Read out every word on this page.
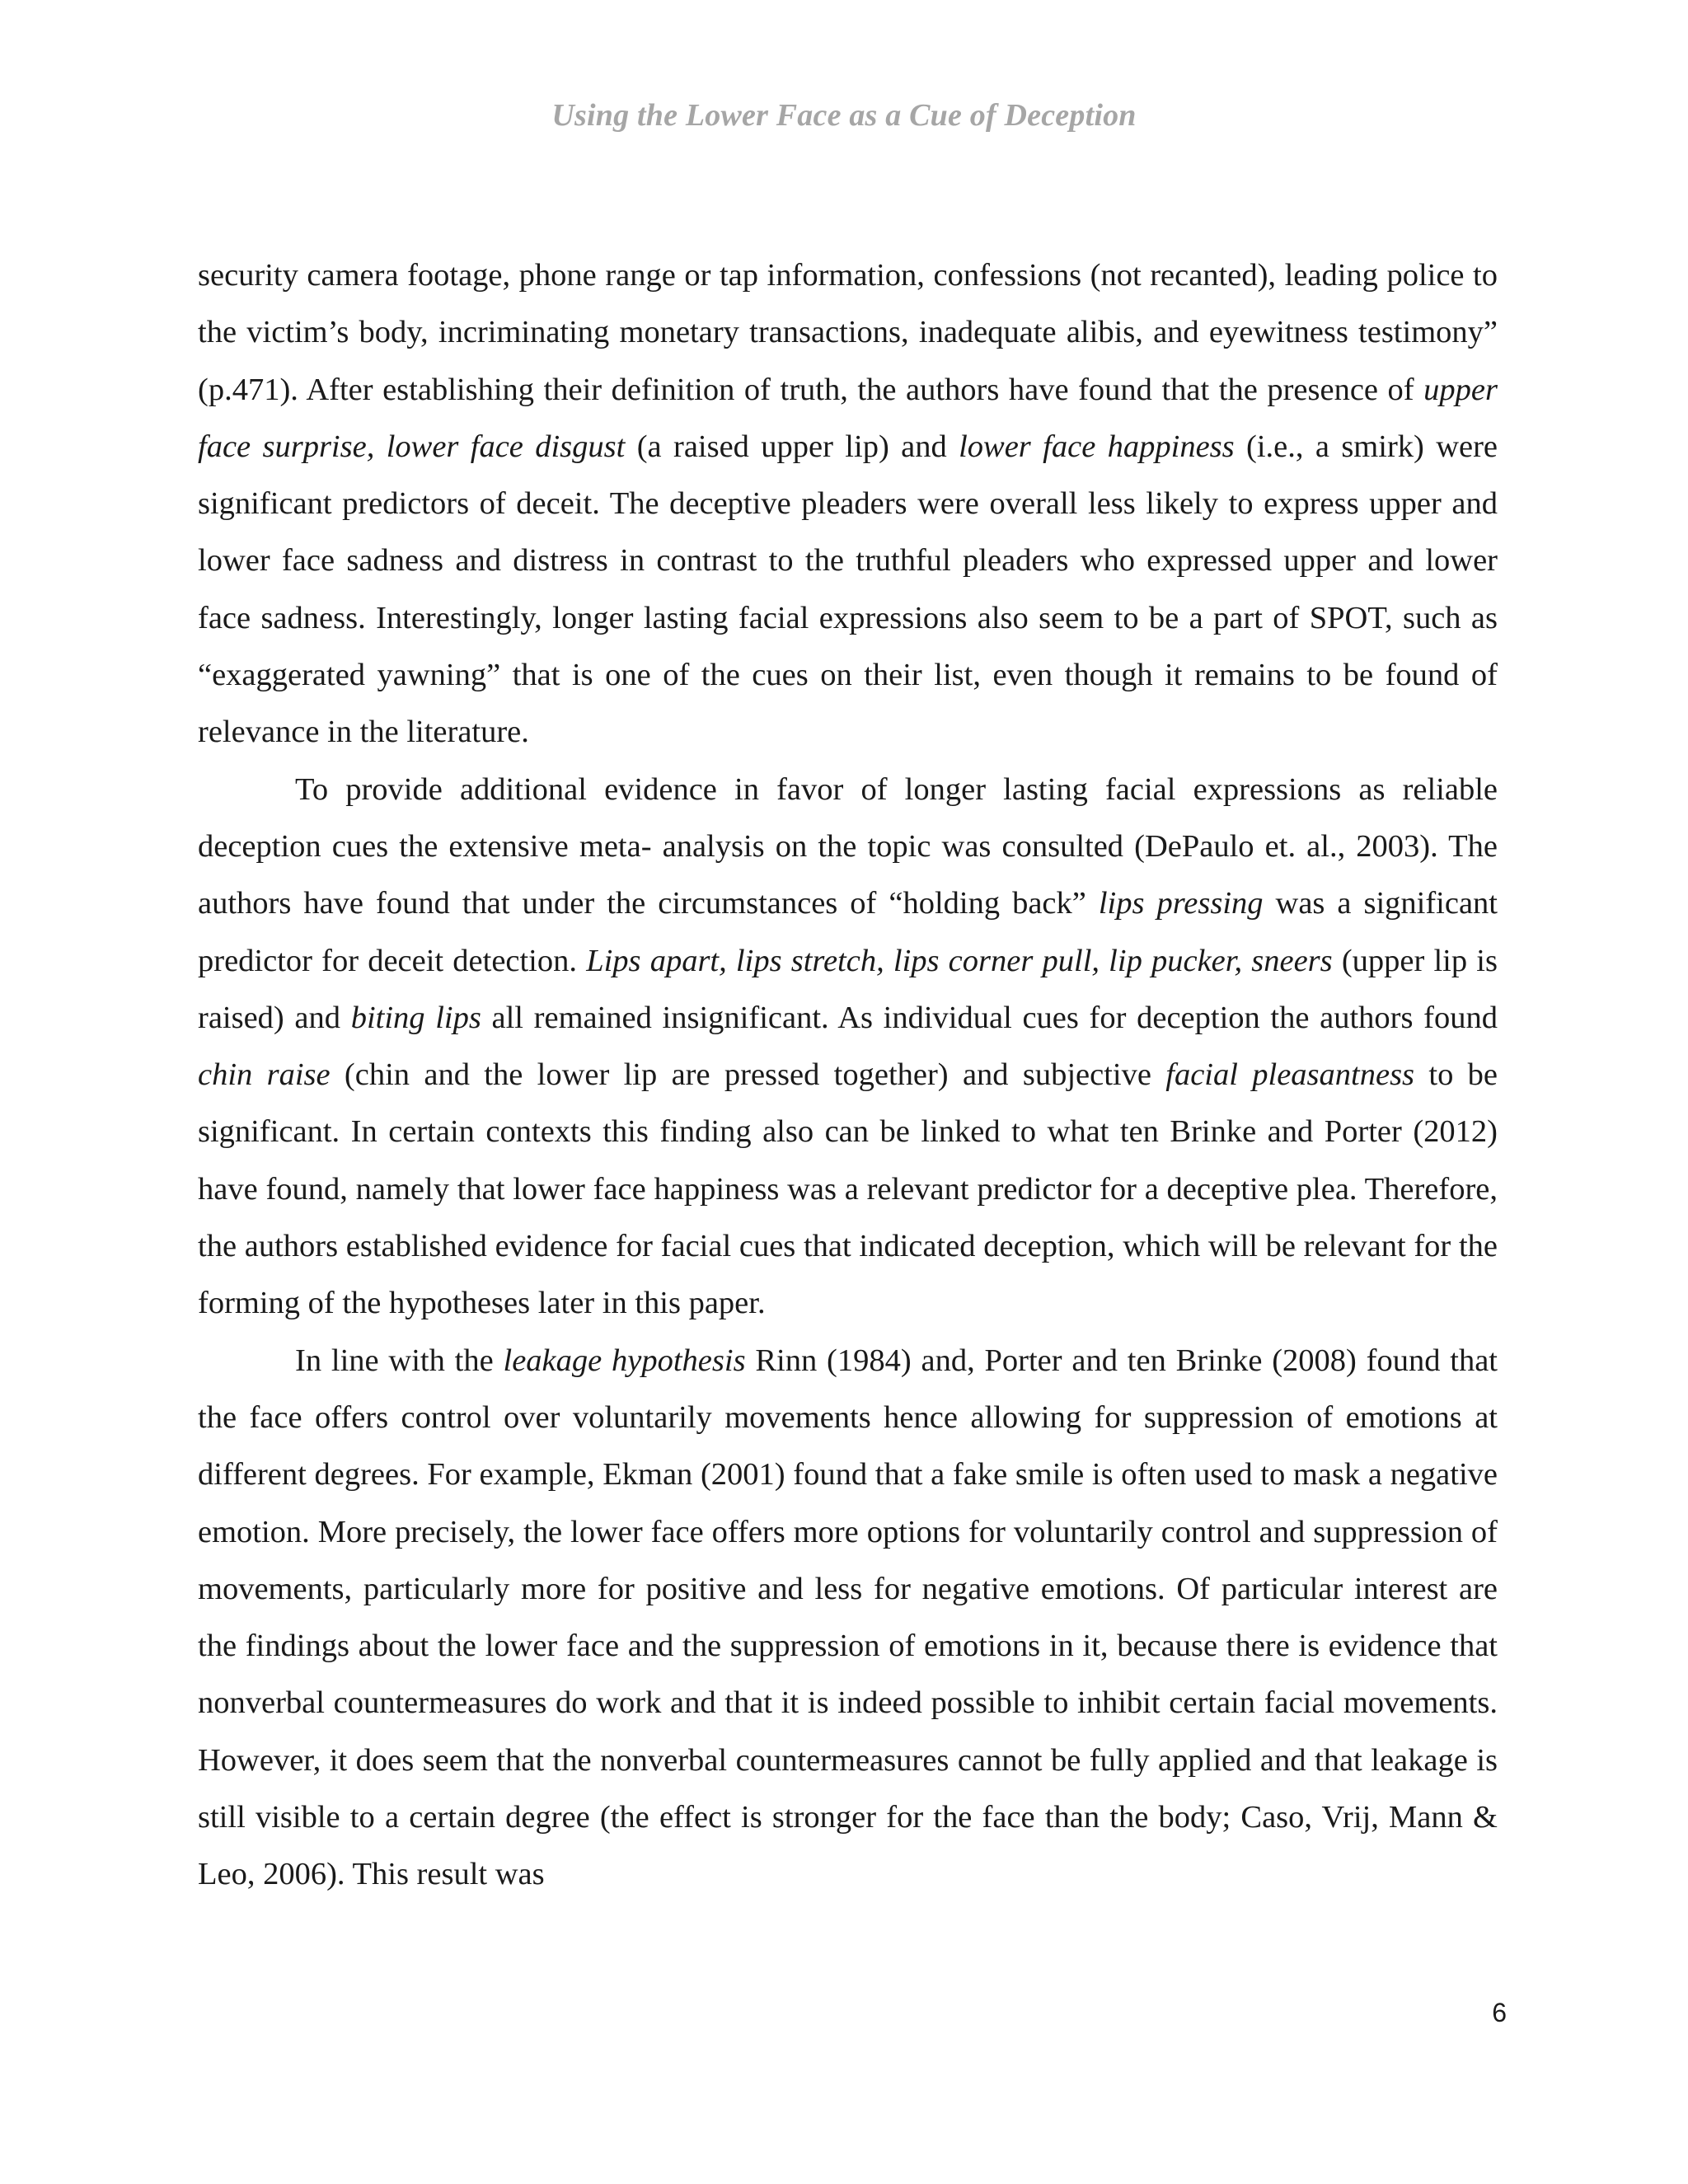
Using the Lower Face as a Cue of Deception

security camera footage, phone range or tap information, confessions (not recanted), leading police to the victim’s body, incriminating monetary transactions, inadequate alibis, and eyewitness testimony” (p.471). After establishing their definition of truth, the authors have found that the presence of upper face surprise, lower face disgust (a raised upper lip) and lower face happiness (i.e., a smirk) were significant predictors of deceit. The deceptive pleaders were overall less likely to express upper and lower face sadness and distress in contrast to the truthful pleaders who expressed upper and lower face sadness. Interestingly, longer lasting facial expressions also seem to be a part of SPOT, such as “exaggerated yawning” that is one of the cues on their list, even though it remains to be found of relevance in the literature.

To provide additional evidence in favor of longer lasting facial expressions as reliable deception cues the extensive meta- analysis on the topic was consulted (DePaulo et. al., 2003). The authors have found that under the circumstances of “holding back” lips pressing was a significant predictor for deceit detection. Lips apart, lips stretch, lips corner pull, lip pucker, sneers (upper lip is raised) and biting lips all remained insignificant. As individual cues for deception the authors found chin raise (chin and the lower lip are pressed together) and subjective facial pleasantness to be significant. In certain contexts this finding also can be linked to what ten Brinke and Porter (2012) have found, namely that lower face happiness was a relevant predictor for a deceptive plea. Therefore, the authors established evidence for facial cues that indicated deception, which will be relevant for the forming of the hypotheses later in this paper.

In line with the leakage hypothesis Rinn (1984) and, Porter and ten Brinke (2008) found that the face offers control over voluntarily movements hence allowing for suppression of emotions at different degrees. For example, Ekman (2001) found that a fake smile is often used to mask a negative emotion. More precisely, the lower face offers more options for voluntarily control and suppression of movements, particularly more for positive and less for negative emotions. Of particular interest are the findings about the lower face and the suppression of emotions in it, because there is evidence that nonverbal countermeasures do work and that it is indeed possible to inhibit certain facial movements. However, it does seem that the nonverbal countermeasures cannot be fully applied and that leakage is still visible to a certain degree (the effect is stronger for the face than the body; Caso, Vrij, Mann & Leo, 2006). This result was

6
